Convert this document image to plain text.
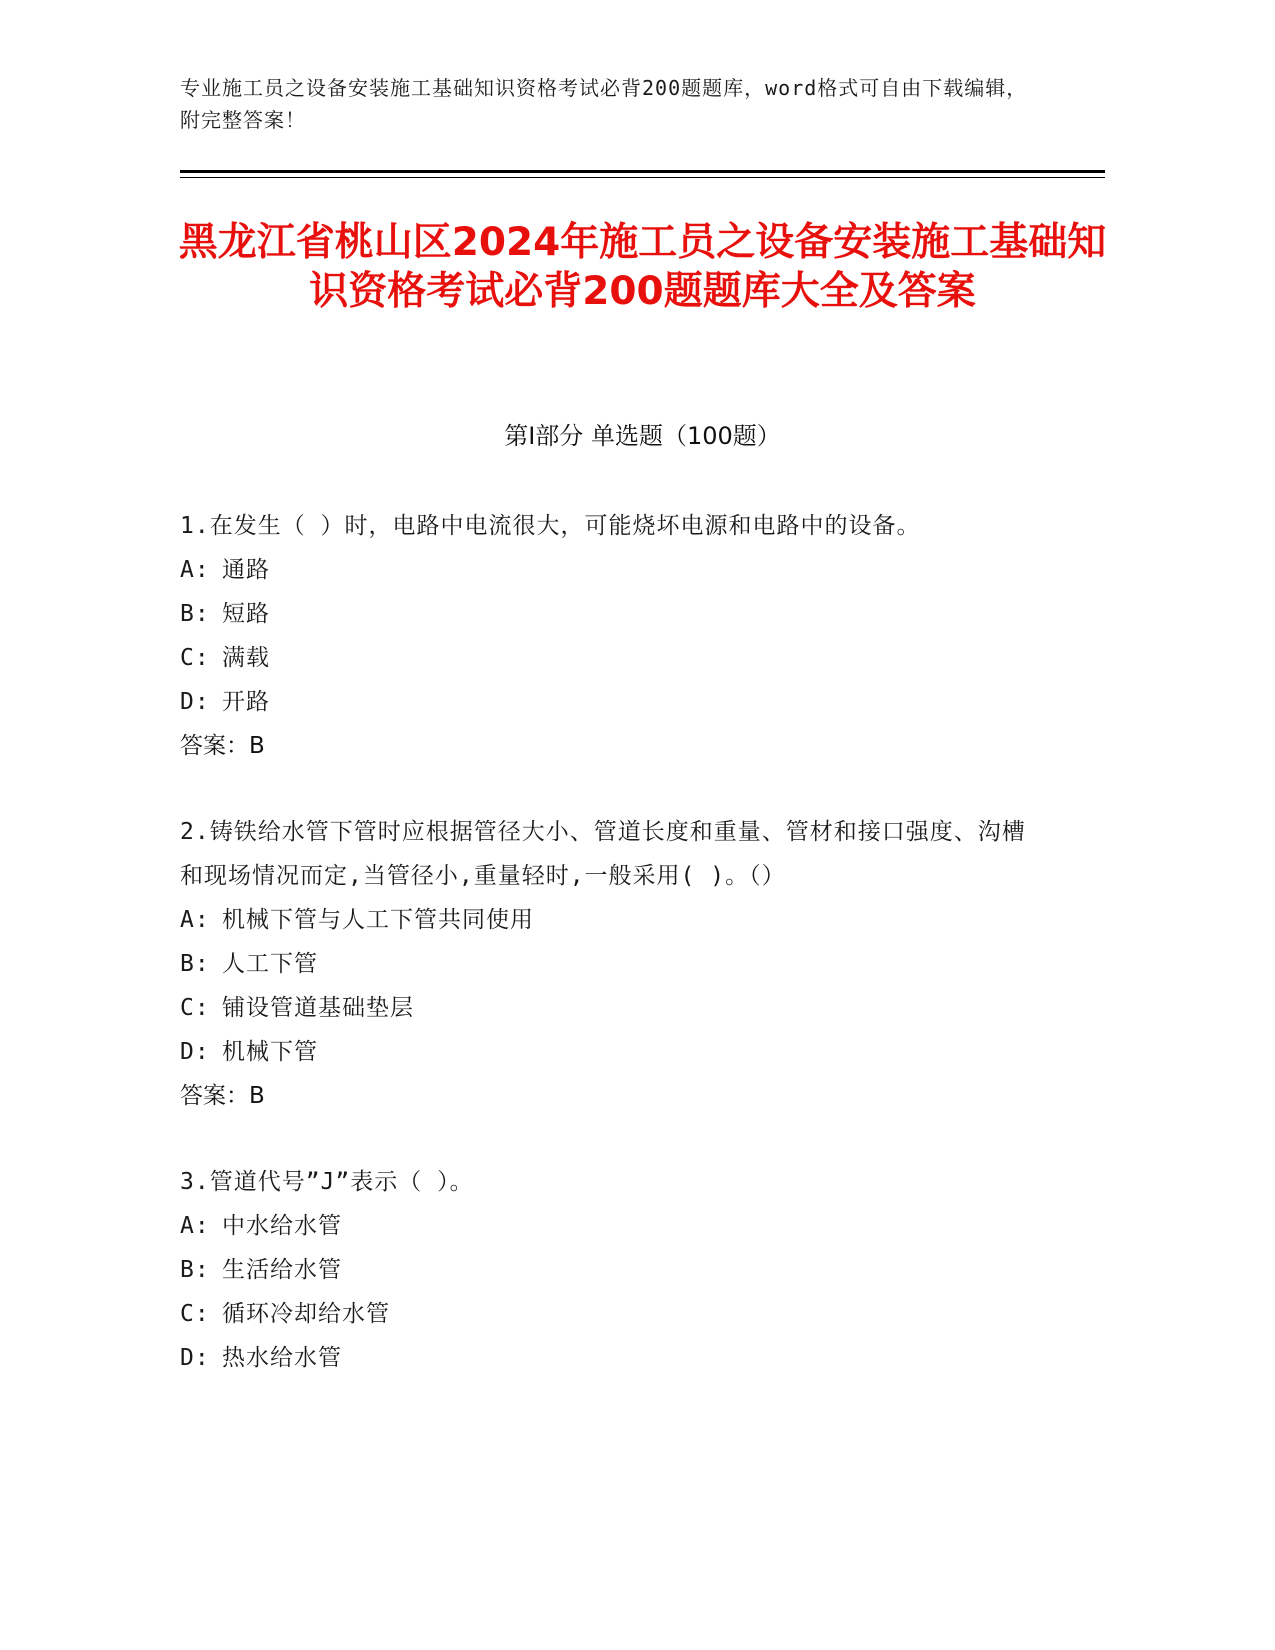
专业施工员之设备安装施工基础知识资格考试必背200题题库，word格式可自由下载编辑，附完整答案！
黑龙江省桃山区2024年施工员之设备安装施工基础知识资格考试必背200题题库大全及答案
第Ⅰ部分 单选题（100题）
1.在发生（ ）时，电路中电流很大，可能烧坏电源和电路中的设备。
A: 通路
B: 短路
C: 满载
D: 开路
答案：B
2.铸铁给水管下管时应根据管径大小、管道长度和重量、管材和接口强度、沟槽和现场情况而定,当管径小,重量轻时,一般采用( )。（）
A: 机械下管与人工下管共同使用
B: 人工下管
C: 铺设管道基础垫层
D: 机械下管
答案：B
3.管道代号”J”表示（ ）。
A: 中水给水管
B: 生活给水管
C: 循环冷却给水管
D: 热水给水管
